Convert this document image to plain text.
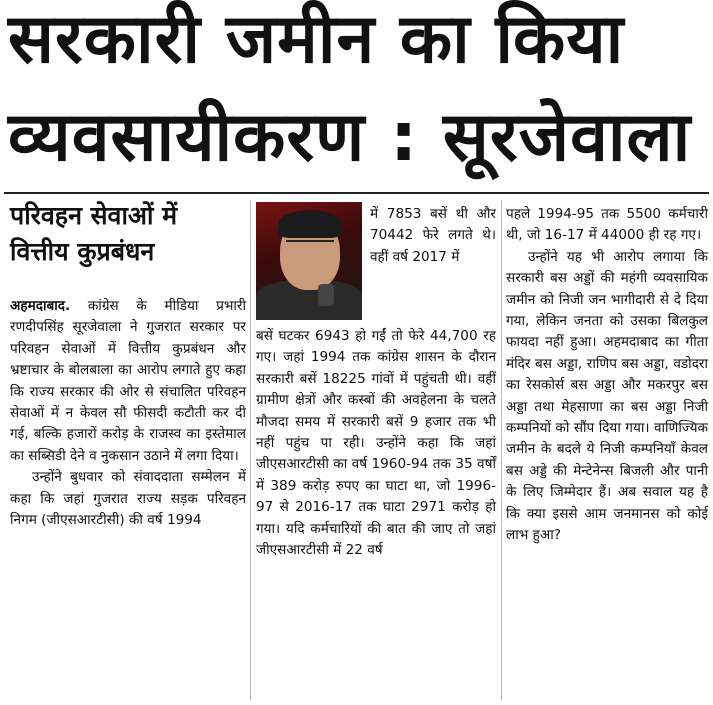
सरकारी जमीन का किया
व्यवसायीकरण : सूरजेवाला
परिवहन सेवाओं में
वित्तीय कुप्रबंधन

अहमदाबाद. कांग्रेस के मीडिया प्रभारी रणदीपसिंह सूरजेवाला ने गुजरात सरकार पर परिवहन सेवाओं में वित्तीय कुप्रबंधन और भ्रष्टाचार के बोलबाला का आरोप लगाते हुए कहा कि राज्य सरकार की ओर से संचालित परिवहन सेवाओं में न केवल सौ फीसदी कटौती कर दी गई, बल्कि हजारों करोड़ के राजस्व का इस्तेमाल का सब्सिडी देने व नुकसान उठाने में लगा दिया।

उन्होंने बुधवार को संवाददाता सम्मेलन में कहा कि जहां गुजरात राज्य सड़क परिवहन निगम (जीएसआरटीसी) की वर्ष 1994

में 7853 बसें थी और 70442 फेरे लगते थे। वहीं वर्ष 2017 में

बसें घटकर 6943 हो गईं तो फेरे 44,700 रह गए। जहां 1994 तक कांग्रेस शासन के दौरान सरकारी बसें 18225 गांवों में पहुंचती थी। वहीं ग्रामीण क्षेत्रों और कस्बों की अवहेलना के चलते मौजदा समय में सरकारी बसें 9 हजार तक भी नहीं पहुंच पा रही। उन्होंने कहा कि जहां जीएसआरटीसी का वर्ष 1960-94 तक 35 वर्षों में 389 करोड़ रुपए का घाटा था, जो 1996-97 से 2016-17 तक घाटा 2971 करोड़ हो गया। यदि कर्मचारियों की बात की जाए तो जहां जीएसआरटीसी में 22 वर्ष

पहले 1994-95 तक 5500 कर्मचारी थी, जो 16-17 में 44000 ही रह गए।

उन्होंने यह भी आरोप लगाया कि सरकारी बस अड्डों की महंगी व्यवसायिक जमीन को निजी जन भागीदारी से दे दिया गया, लेकिन जनता को उसका बिलकुल फायदा नहीं हुआ। अहमदाबाद का गीता मंदिर बस अड्डा, राणिप बस अड्डा, वडोदरा का रेसकोर्स बस अड्डा और मकरपुर बस अड्डा तथा मेहसाणा का बस अड्डा निजी कम्पनियों को सौंप दिया गया। वाणिज्यिक जमीन के बदले ये निजी कम्पनियाँ केवल बस अड्डे की मेन्टेनेन्स बिजली और पानी के लिए जिम्मेदार हैं। अब सवाल यह है कि क्या इससे आम जनमानस को कोई लाभ हुआ?
